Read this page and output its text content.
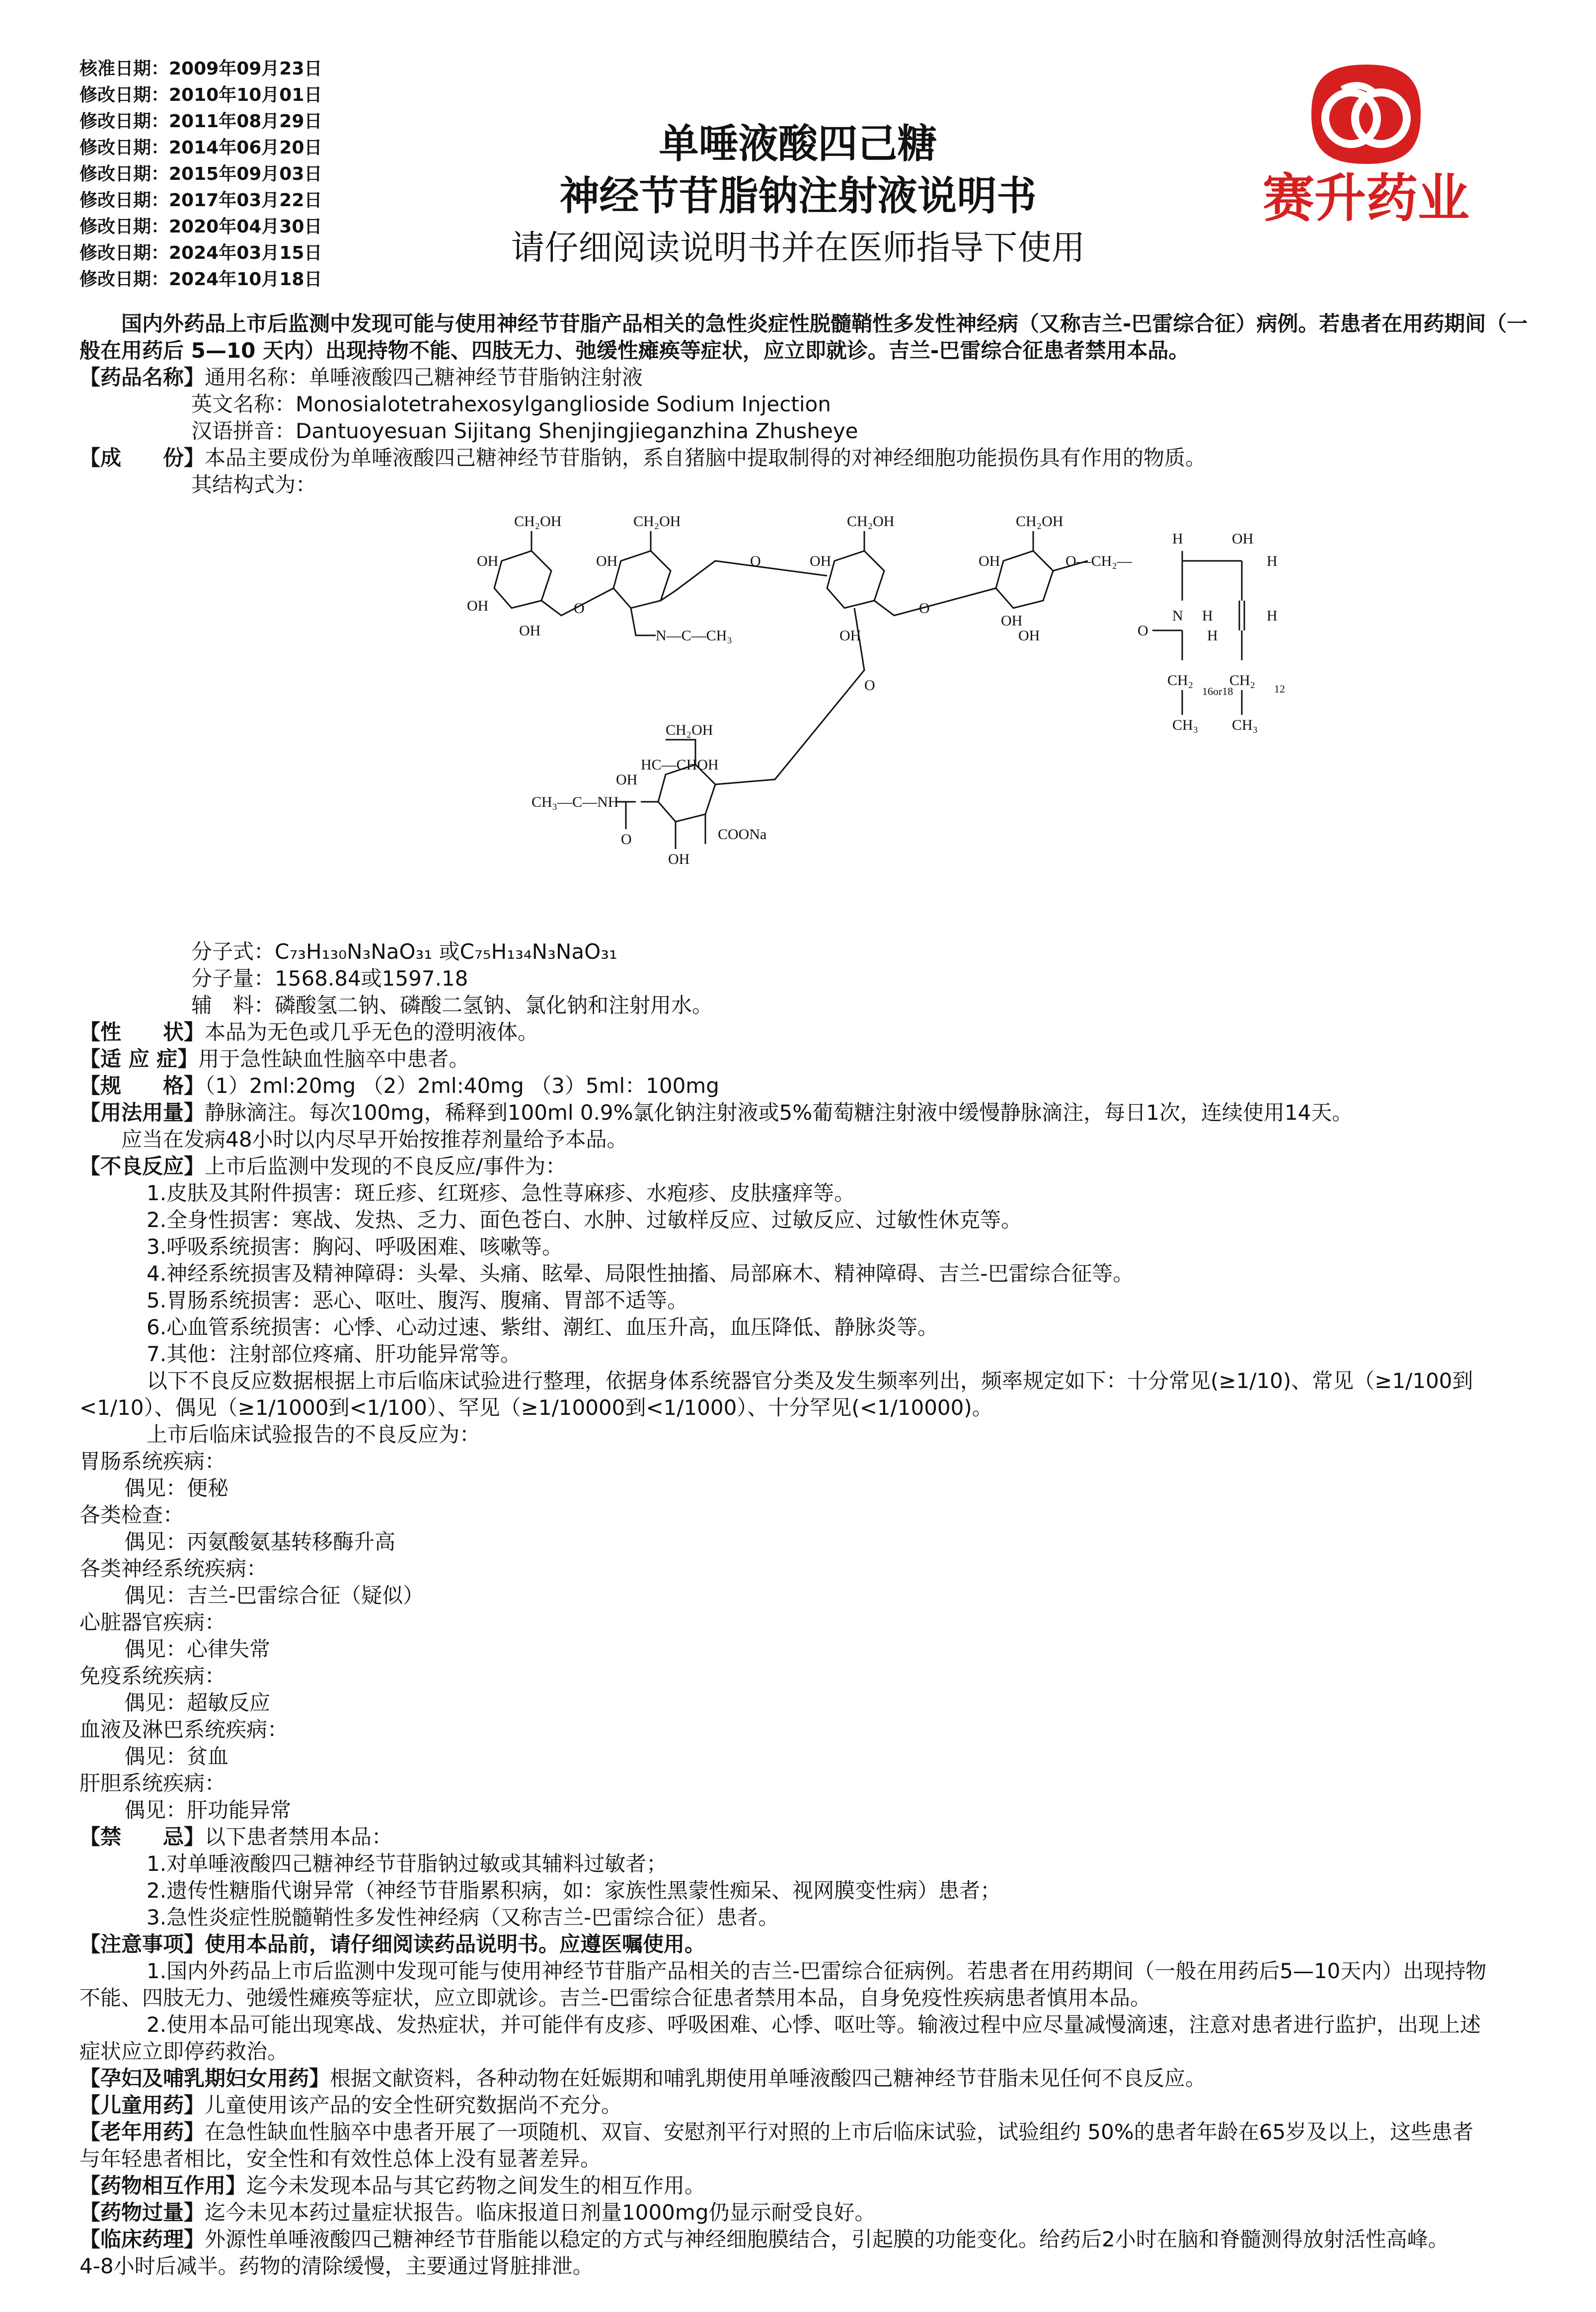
核准日期：2009年09月23日
修改日期：2010年10月01日
修改日期：2011年08月29日
修改日期：2014年06月20日
修改日期：2015年09月03日
修改日期：2017年03月22日
修改日期：2020年04月30日
修改日期：2024年03月15日
修改日期：2024年10月18日
单唾液酸四己糖
神经节苷脂钠注射液说明书
请仔细阅读说明书并在医师指导下使用
赛升药业

国内外药品上市后监测中发现可能与使用神经节苷脂产品相关的急性炎症性脱髓鞘性多发性神经病（又称吉兰-巴雷综合征）病例。若患者在用药期间（一般在用药后 5—10 天内）出现持物不能、四肢无力、弛缓性瘫痪等症状，应立即就诊。吉兰-巴雷综合征患者禁用本品。

【药品名称】通用名称：单唾液酸四己糖神经节苷脂钠注射液

英文名称：Monosialotetrahexosylganglioside Sodium Injection

汉语拼音：Dantuoyesuan Sijitang Shenjingjieganzhina Zhusheye

【成　　份】本品主要成份为单唾液酸四己糖神经节苷脂钠，系自猪脑中提取制得的对神经细胞功能损伤具有作用的物质。

其结构式为：

CH₂OH	CH₂OH	CH₂OH	CH₂OH
OH
OH
OH
OH	OH
OH
OH
OH
OH
O
O
O
O
O—CH₂—
H	OH
H
N H	H
O	H
CH₂
16or18
CH₂
12
CH₃ CH₃
N—C—CH₃
CH₂OH
HC—CHOH
OH
CH₃—C—NH
COONa
OH
O

分子式：C₇₃H₁₃₀N₃NaO₃₁ 或C₇₅H₁₃₄N₃NaO₃₁

分子量：1568.84或1597.18

辅　料：磷酸氢二钠、磷酸二氢钠、氯化钠和注射用水。

【性　　状】本品为无色或几乎无色的澄明液体。

【适 应 症】用于急性缺血性脑卒中患者。

【规　　格】（1）2ml:20mg （2）2ml:40mg （3）5ml：100mg

【用法用量】静脉滴注。每次100mg，稀释到100ml 0.9%氯化钠注射液或5%葡萄糖注射液中缓慢静脉滴注，每日1次，连续使用14天。

应当在发病48小时以内尽早开始按推荐剂量给予本品。

【不良反应】上市后监测中发现的不良反应/事件为：

1.皮肤及其附件损害：斑丘疹、红斑疹、急性荨麻疹、水疱疹、皮肤瘙痒等。

2.全身性损害：寒战、发热、乏力、面色苍白、水肿、过敏样反应、过敏反应、过敏性休克等。

3.呼吸系统损害：胸闷、呼吸困难、咳嗽等。

4.神经系统损害及精神障碍：头晕、头痛、眩晕、局限性抽搐、局部麻木、精神障碍、吉兰-巴雷综合征等。

5.胃肠系统损害：恶心、呕吐、腹泻、腹痛、胃部不适等。

6.心血管系统损害：心悸、心动过速、紫绀、潮红、血压升高，血压降低、静脉炎等。

7.其他：注射部位疼痛、肝功能异常等。

以下不良反应数据根据上市后临床试验进行整理，依据身体系统器官分类及发生频率列出，频率规定如下：十分常见(≥1/10)、常见（≥1/100到

<1/10）、偶见（≥1/1000到<1/100）、罕见（≥1/10000到<1/1000）、十分罕见(<1/10000)。

上市后临床试验报告的不良反应为：

胃肠系统疾病：

偶见：便秘

各类检查：

偶见：丙氨酸氨基转移酶升高

各类神经系统疾病：

偶见：吉兰-巴雷综合征（疑似）

心脏器官疾病：

偶见：心律失常

免疫系统疾病：

偶见：超敏反应

血液及淋巴系统疾病：

偶见：贫血

肝胆系统疾病：

偶见：肝功能异常

【禁　　忌】以下患者禁用本品：

1.对单唾液酸四己糖神经节苷脂钠过敏或其辅料过敏者；

2.遗传性糖脂代谢异常（神经节苷脂累积病，如：家族性黑蒙性痴呆、视网膜变性病）患者；

3.急性炎症性脱髓鞘性多发性神经病（又称吉兰-巴雷综合征）患者。

【注意事项】使用本品前，请仔细阅读药品说明书。应遵医嘱使用。

1.国内外药品上市后监测中发现可能与使用神经节苷脂产品相关的吉兰-巴雷综合征病例。若患者在用药期间（一般在用药后5—10天内）出现持物

不能、四肢无力、弛缓性瘫痪等症状，应立即就诊。吉兰-巴雷综合征患者禁用本品，自身免疫性疾病患者慎用本品。

2.使用本品可能出现寒战、发热症状，并可能伴有皮疹、呼吸困难、心悸、呕吐等。输液过程中应尽量减慢滴速，注意对患者进行监护，出现上述

症状应立即停药救治。

【孕妇及哺乳期妇女用药】根据文献资料，各种动物在妊娠期和哺乳期使用单唾液酸四己糖神经节苷脂未见任何不良反应。

【儿童用药】儿童使用该产品的安全性研究数据尚不充分。

【老年用药】在急性缺血性脑卒中患者开展了一项随机、双盲、安慰剂平行对照的上市后临床试验，试验组约 50%的患者年龄在65岁及以上，这些患者

与年轻患者相比，安全性和有效性总体上没有显著差异。

【药物相互作用】迄今未发现本品与其它药物之间发生的相互作用。

【药物过量】迄今未见本药过量症状报告。临床报道日剂量1000mg仍显示耐受良好。

【临床药理】外源性单唾液酸四己糖神经节苷脂能以稳定的方式与神经细胞膜结合，引起膜的功能变化。给药后2小时在脑和脊髓测得放射活性高峰。

4-8小时后减半。药物的清除缓慢，主要通过肾脏排泄。
